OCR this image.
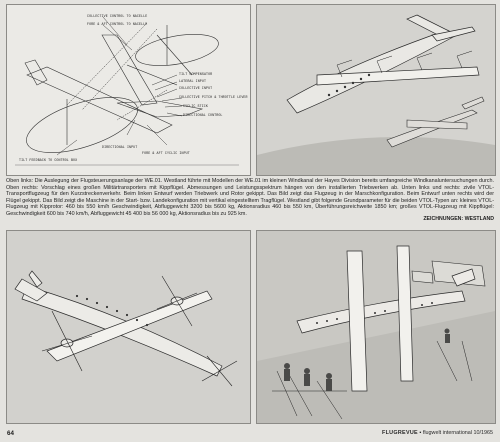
COLLECTIVE CONTROL TO NACELLE
FORE & AFT CONTROL TO NACELLE
TILT COMPENSATOR
LATERAL INPUT
COLLECTIVE INPUT
COLLECTIVE PITCH & THROTTLE LEVER
CYCLIC STICK
DIRECTIONAL CONTROL
DIRECTIONAL INPUT
FORE & AFT CYCLIC INPUT
TILT FEEDBACK TO CONTROL BOX
Oben links: Die Auslegung der Flugsteuerungsanlage der WE.01. Westland führte mit Modellen der WE.01 im kleinen Windkanal der Hayes Division bereits umfangreiche Windkanaluntersuchungen durch. Oben rechts: Vorschlag eines großen Militärtransporters mit Kippflügel. Abmessungen und Leistungsspektrum hängen von den installierten Triebwerken ab. Unten links und rechts: zivile VTOL-Transportflugzeug für den Kurzstreckenverkehr. Beim linken Entwurf werden Triebwerk und Rotor gekippt. Das Bild zeigt das Flugzeug in der Marschkonfiguration. Beim Entwurf unten rechts wird der Flügel gekippt. Das Bild zeigt die Maschine in der Start- bzw. Landekonfiguration mit vertikal eingestelltem Tragflügel. Westland gibt folgende Grundparameter für die beiden VTOL-Typen an: kleines VTOL-Flugzeug mit Kipprotor: 460 bis 550 km/h Geschwindigkeit, Abfluggewicht 3200 bis 5600 kg, Aktionsradius 460 bis 550 km, Überführungsreichweite 1850 km; großes VTOL-Flugzeug mit Kippflügel: Geschwindigkeit 600 bis 740 km/h, Abfluggewicht 45 400 bis 56 000 kg, Aktionsradius bis zu 925 km.
ZEICHNUNGEN: WESTLAND
64	FLUGREVUE ▪ flugwelt international 10/1965
